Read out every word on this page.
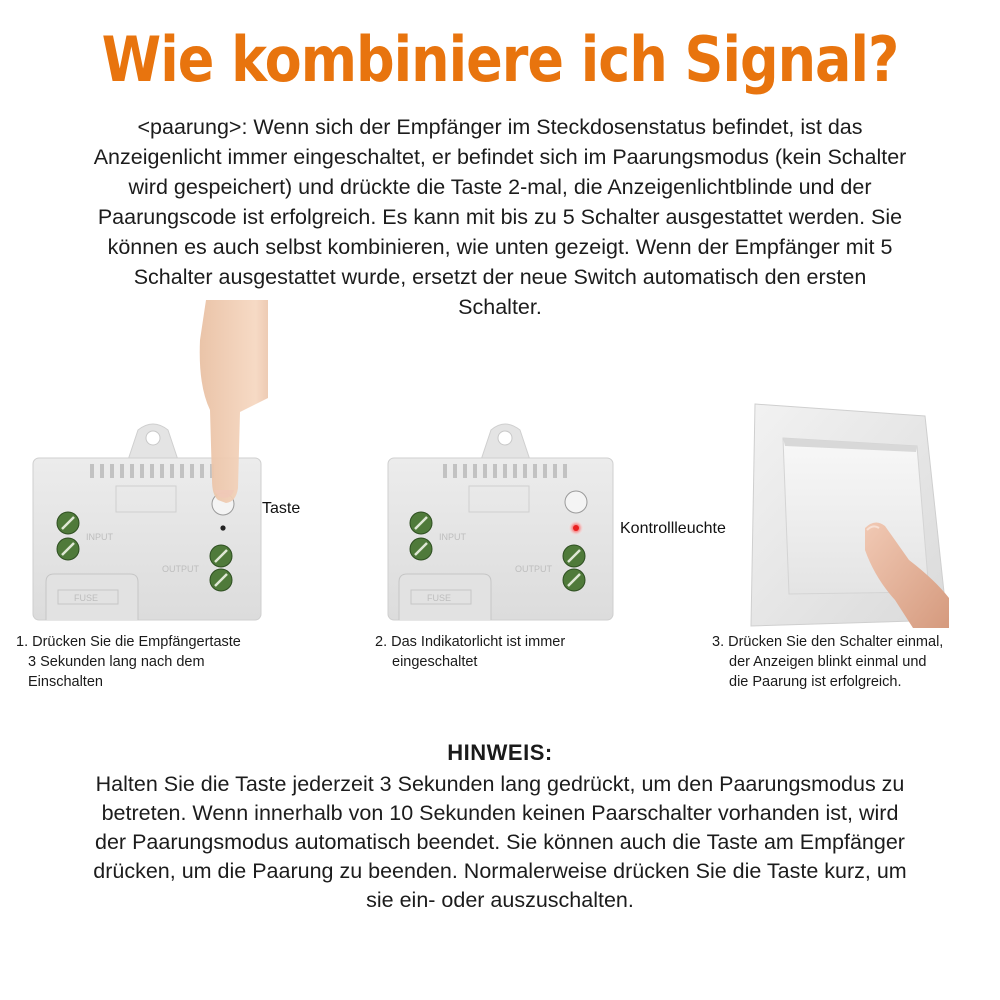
Wie kombiniere ich Signal?
<paarung>: Wenn sich der Empfänger im Steckdosenstatus befindet, ist das Anzeigenlicht immer eingeschaltet, er befindet sich im Paarungsmodus (kein Schalter wird gespeichert) und drückte die Taste 2-mal, die Anzeigenlichtblinde und der Paarungscode ist erfolgreich. Es kann mit bis zu 5 Schalter ausgestattet werden. Sie können es auch selbst kombinieren, wie unten gezeigt. Wenn der Empfänger mit 5 Schalter ausgestattet wurde, ersetzt der neue Switch automatisch den ersten Schalter.
INPUT
OUTPUT
FUSE
Taste
INPUT
OUTPUT
FUSE
Kontrollleuchte
1. Drücken Sie die Empfängertaste
3 Sekunden lang nach dem
Einschalten
2. Das Indikatorlicht ist immer
eingeschaltet
3. Drücken Sie den Schalter einmal,
der Anzeigen blinkt einmal und
die Paarung ist erfolgreich.
HINWEIS:
Halten Sie die Taste jederzeit 3 Sekunden lang gedrückt, um den Paarungsmodus zu betreten. Wenn innerhalb von 10 Sekunden keinen Paarschalter vorhanden ist, wird der Paarungsmodus automatisch beendet. Sie können auch die Taste am Empfänger drücken, um die Paarung zu beenden. Normalerweise drücken Sie die Taste kurz, um sie ein- oder auszuschalten.
